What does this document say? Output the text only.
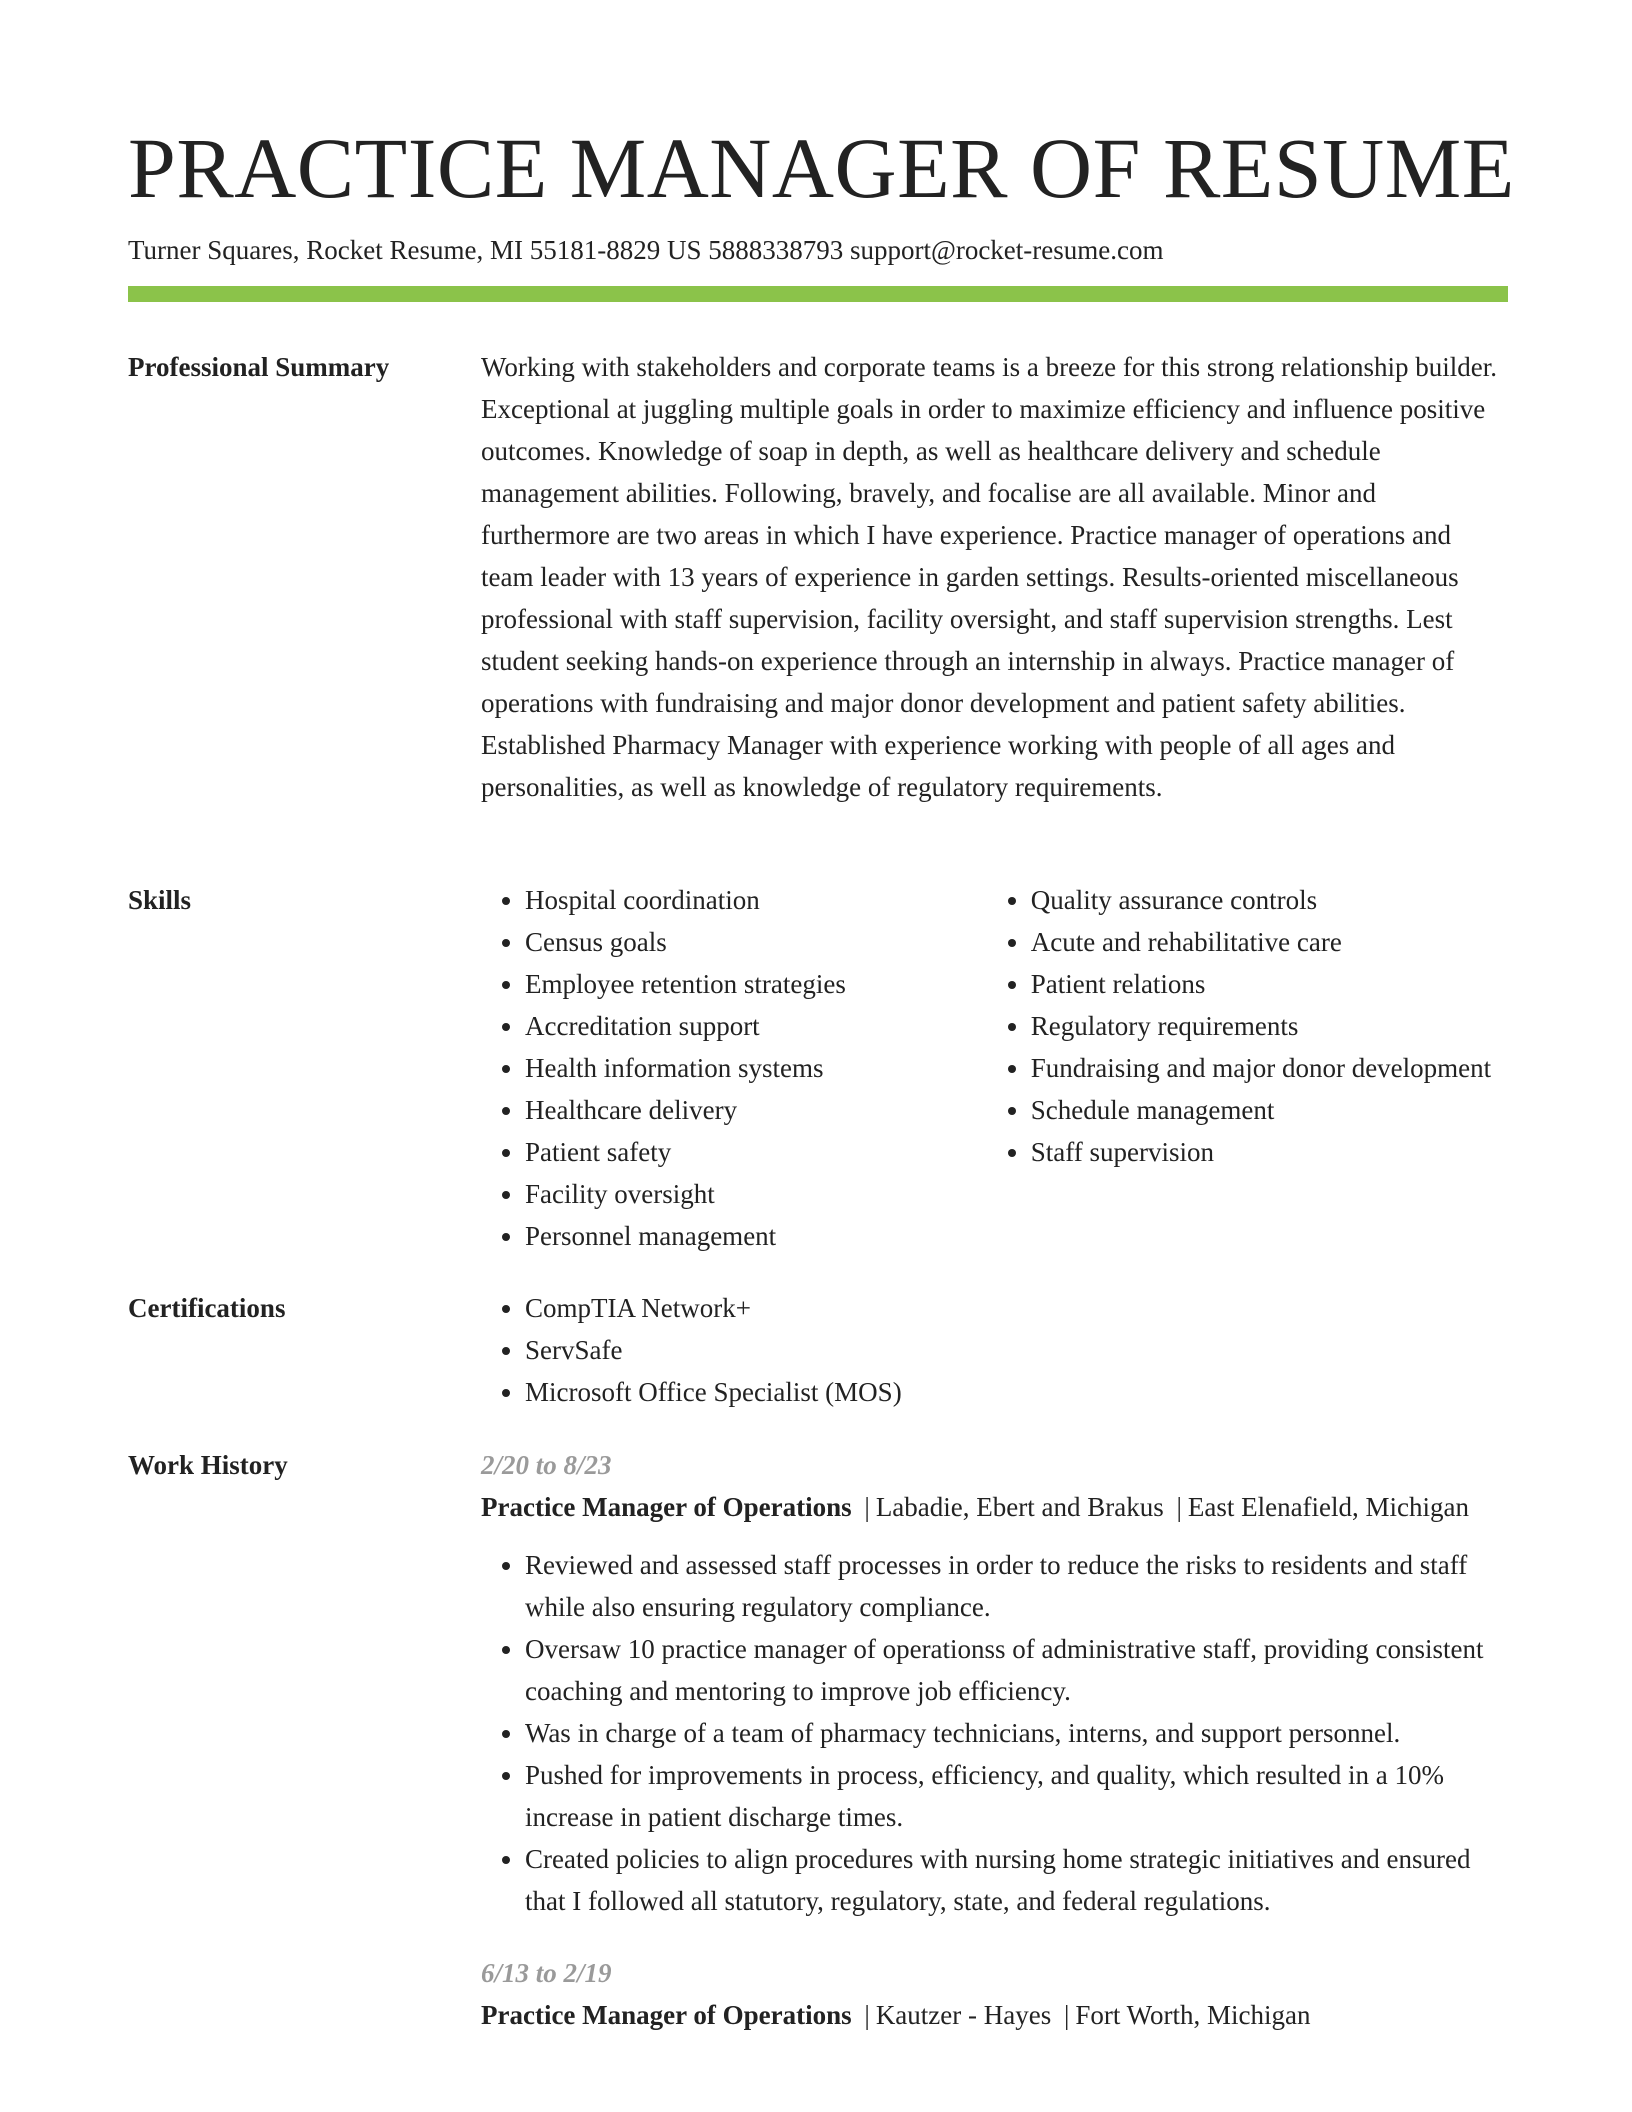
PRACTICE MANAGER OF RESUME
Turner Squares, Rocket Resume, MI 55181-8829 US 5888338793 support@rocket-resume.com
Professional Summary	Working with stakeholders and corporate teams is a breeze for this strong relationship builder. Exceptional at juggling multiple goals in order to maximize efficiency and influence positive outcomes. Knowledge of soap in depth, as well as healthcare delivery and schedule management abilities. Following, bravely, and focalise are all available. Minor and furthermore are two areas in which I have experience. Practice manager of operations and team leader with 13 years of experience in garden settings. Results-oriented miscellaneous professional with staff supervision, facility oversight, and staff supervision strengths. Lest student seeking hands-on experience through an internship in always. Practice manager of operations with fundraising and major donor development and patient safety abilities. Established Pharmacy Manager with experience working with people of all ages and personalities, as well as knowledge of regulatory requirements.

Skills	• Hospital coordination
• Census goals
• Employee retention strategies
• Accreditation support
• Health information systems
• Healthcare delivery
• Patient safety
• Facility oversight
• Personnel management
• Quality assurance controls
• Acute and rehabilitative care
• Patient relations
• Regulatory requirements
• Fundraising and major donor development
• Schedule management
• Staff supervision
Certifications	• CompTIA Network+
• ServSafe
• Microsoft Office Specialist (MOS)
Work History	2/20 to 8/23

Practice Manager of Operations | Labadie, Ebert and Brakus | East Elenafield, Michigan

• Reviewed and assessed staff processes in order to reduce the risks to residents and staff while also ensuring regulatory compliance.
• Oversaw 10 practice manager of operationss of administrative staff, providing consistent coaching and mentoring to improve job efficiency.
• Was in charge of a team of pharmacy technicians, interns, and support personnel.
• Pushed for improvements in process, efficiency, and quality, which resulted in a 10% increase in patient discharge times.
• Created policies to align procedures with nursing home strategic initiatives and ensured that I followed all statutory, regulatory, state, and federal regulations.

6/13 to 2/19

Practice Manager of Operations | Kautzer - Hayes | Fort Worth, Michigan
